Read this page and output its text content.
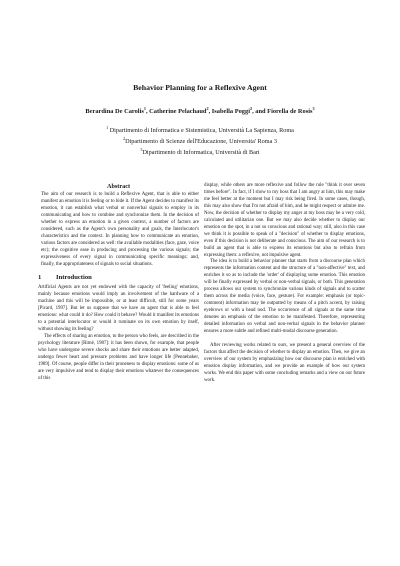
Behavior Planning for a Reflexive Agent
Berardina De Carolis$^1$, Catherine Pelachaud$^2$, Isabella Poggi$^2$, and Fiorella de Rosis$^3$
$^1$ Dipartimento di Informatica e Sistemistica, Università La Sapienza, Roma
$^2$Dipartimento di Scienze dell'Educazione, Universita' Roma 3
$^3$Dipartimento di Informatica, Università di Bari
Abstract

The aim of our research is to build a Reflexive Agent, that is able to either manifest an emotion it is feeling or to hide it. If the Agent decides to manifest its emotion, it can establish what verbal or nonverbal signals to employ in its communicating and how to combine and synchronize them. In the decision of whether to express an emotion in a given context, a number of factors are considered, such as the Agent's own personality and goals, the Interlocutor's characteristics and the context. In planning how to communicate an emotion, various factors are considered as well: the available modalities (face, gaze, voice etc); the cognitive ease in producing and processing the various signals; the expressiveness of every signal in communicating specific meanings; and, finally, the appropriateness of signals to social situations.

1 Introduction

Artificial Agents are not yet endowed with the capacity of 'feeling' emotions, mainly because emotions would imply an involvement of the hardware of a machine and this will be impossible, or at least difficult, still for some years [Picard, 1997]. But let us suppose that we have an agent that is able to feel emotions: what could it do? How could it behave? Would it manifest its emotions to a potential interlocutor or would it ruminate on its own emotion by itself, without showing its feeling?

The effects of sharing an emotion, to the person who feels, are described in the psychology literature [Rimé, 1987]: it has been shown, for example, that people who have undergone severe shocks and share their emotions are better adapted, undergo fewer heart and pressure problems and have longer life [Pennebaker, 1989]. Of course, people differ in their proneness to display emotions: some of us are very impulsive and tend to display their emotions whatever the consequences of this

display, while others are more reflexive and follow the rule "think it over seven times before". In fact, if I show to my boss that I am angry at him, this may make me feel better at the moment but I may risk being fired. In some cases, though, this may also show that I'm not afraid of him, and he might respect or admire me. Now, the decision of whether to display my anger at my boss may be a very cold, calculated and utilitarian one. But we may also decide whether to display our emotion on the spot, in a not so conscious and rational way; still, also in this case we think it is possible to speak of a "decision" of whether to display emotions, even if this decision is not deliberate and conscious. The aim of our research is to build an agent that is able to express its emotions but also to refrain from expressing them: a reflexive, not impulsive agent.

The idea is to build a behavior planner that starts from a discourse plan which represents the information content and the structure of a "non-affective" text, and enriches it so as to include the 'order' of displaying some emotion. This emotion will be finally expressed by verbal or non-verbal signals, or both. This generation process allows our system to synchronize various kinds of signals and to scatter them across the media (voice, face, gesture). For example: emphasis (or topic-comment) information may be outputted by means of a pitch accent, by raising eyebrows or with a head nod. The occurrence of all signals at the same time denotes an emphasis of the emotion to be manifested. Therefore, representing detailed information on verbal and non-verbal signals in the behavior planner ensures a more subtle and refined multi-modal discourse generation.

After reviewing works related to ours, we present a general overview of the factors that affect the decision of whether to display an emotion. Then, we give an overview of our system by emphasizing how our discourse plan is enriched with emotion display information, and we provide an example of how our system works. We end this paper with some concluding remarks and a view on our future work.
